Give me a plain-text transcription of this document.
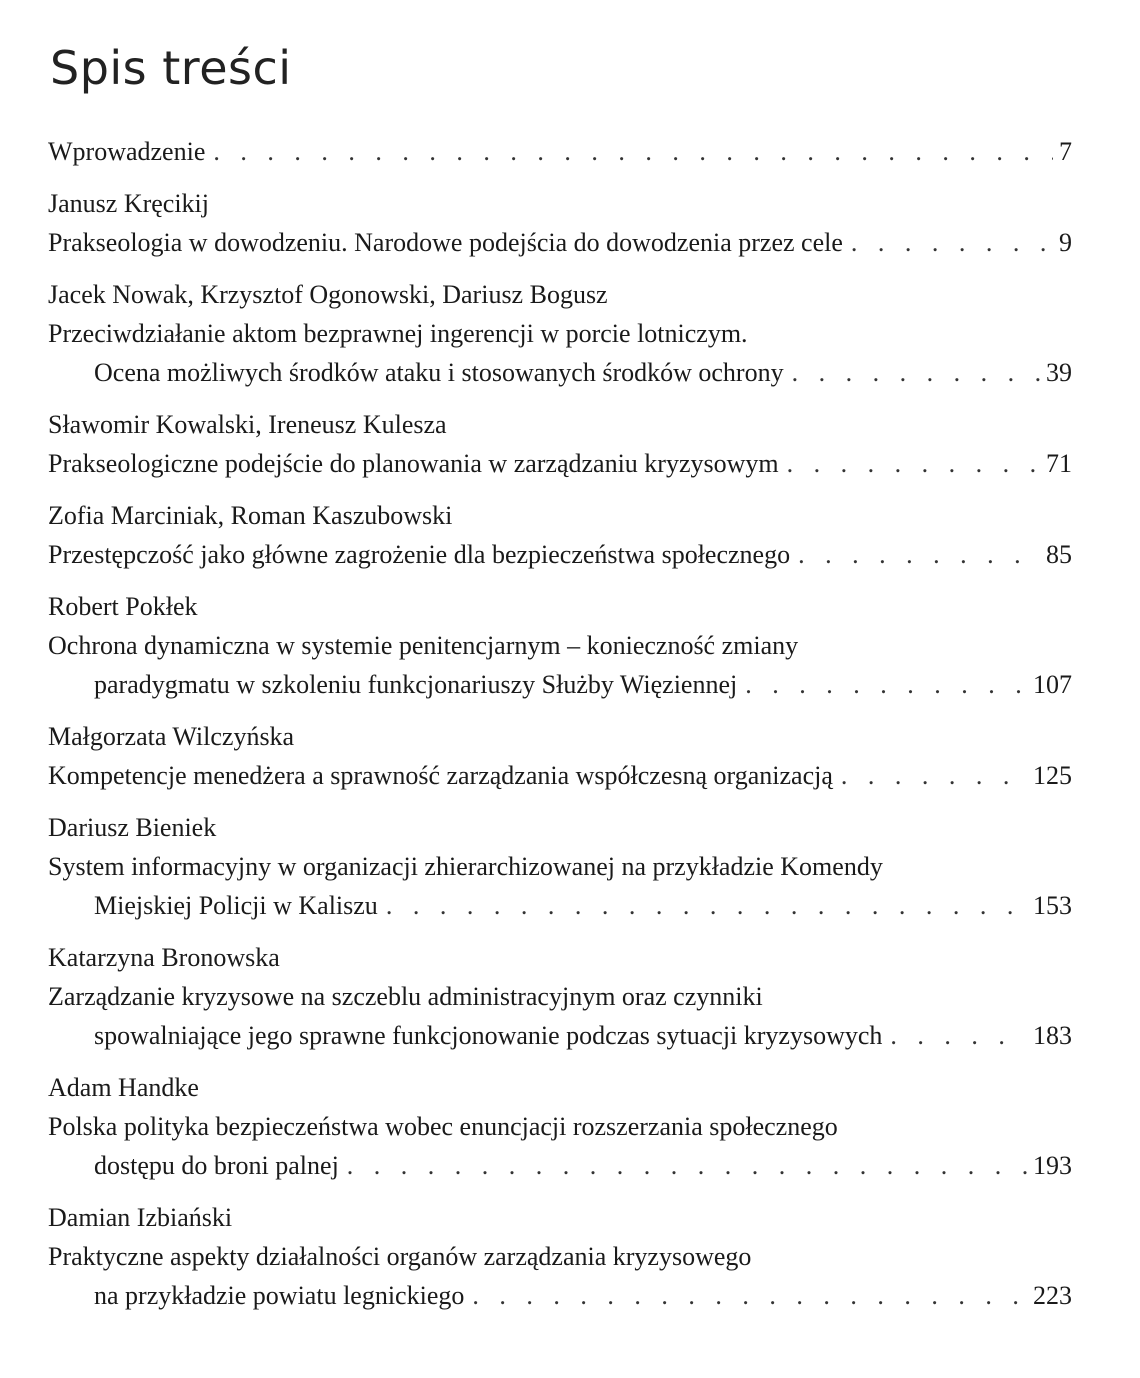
Spis treści
Wprowadzenie . . .	7
Janusz Kręcikij
Prakseologia w dowodzeniu. Narodowe podejścia do dowodzenia przez cele . . .	9
Jacek Nowak, Krzysztof Ogonowski, Dariusz Bogusz
Przeciwdziałanie aktom bezprawnej ingerencji w porcie lotniczym.
Ocena możliwych środków ataku i stosowanych środków ochrony . . .	39
Sławomir Kowalski, Ireneusz Kulesza
Prakseologiczne podejście do planowania w zarządzaniu kryzysowym . . .	71
Zofia Marciniak, Roman Kaszubowski
Przestępczość jako główne zagrożenie dla bezpieczeństwa społecznego . . .	85
Robert Pokłek
Ochrona dynamiczna w systemie penitencjarnym – konieczność zmiany
paradygmatu w szkoleniu funkcjonariuszy Służby Więziennej . . .	107
Małgorzata Wilczyńska
Kompetencje menedżera a sprawność zarządzania współczesną organizacją . . .	125
Dariusz Bieniek
System informacyjny w organizacji zhierarchizowanej na przykładzie Komendy
Miejskiej Policji w Kaliszu . . .	153
Katarzyna Bronowska
Zarządzanie kryzysowe na szczeblu administracyjnym oraz czynniki
spowalniające jego sprawne funkcjonowanie podczas sytuacji kryzysowych . . .	183
Adam Handke
Polska polityka bezpieczeństwa wobec enuncjacji rozszerzania społecznego
dostępu do broni palnej . . .	193
Damian Izbiański
Praktyczne aspekty działalności organów zarządzania kryzysowego
na przykładzie powiatu legnickiego . . .	223
